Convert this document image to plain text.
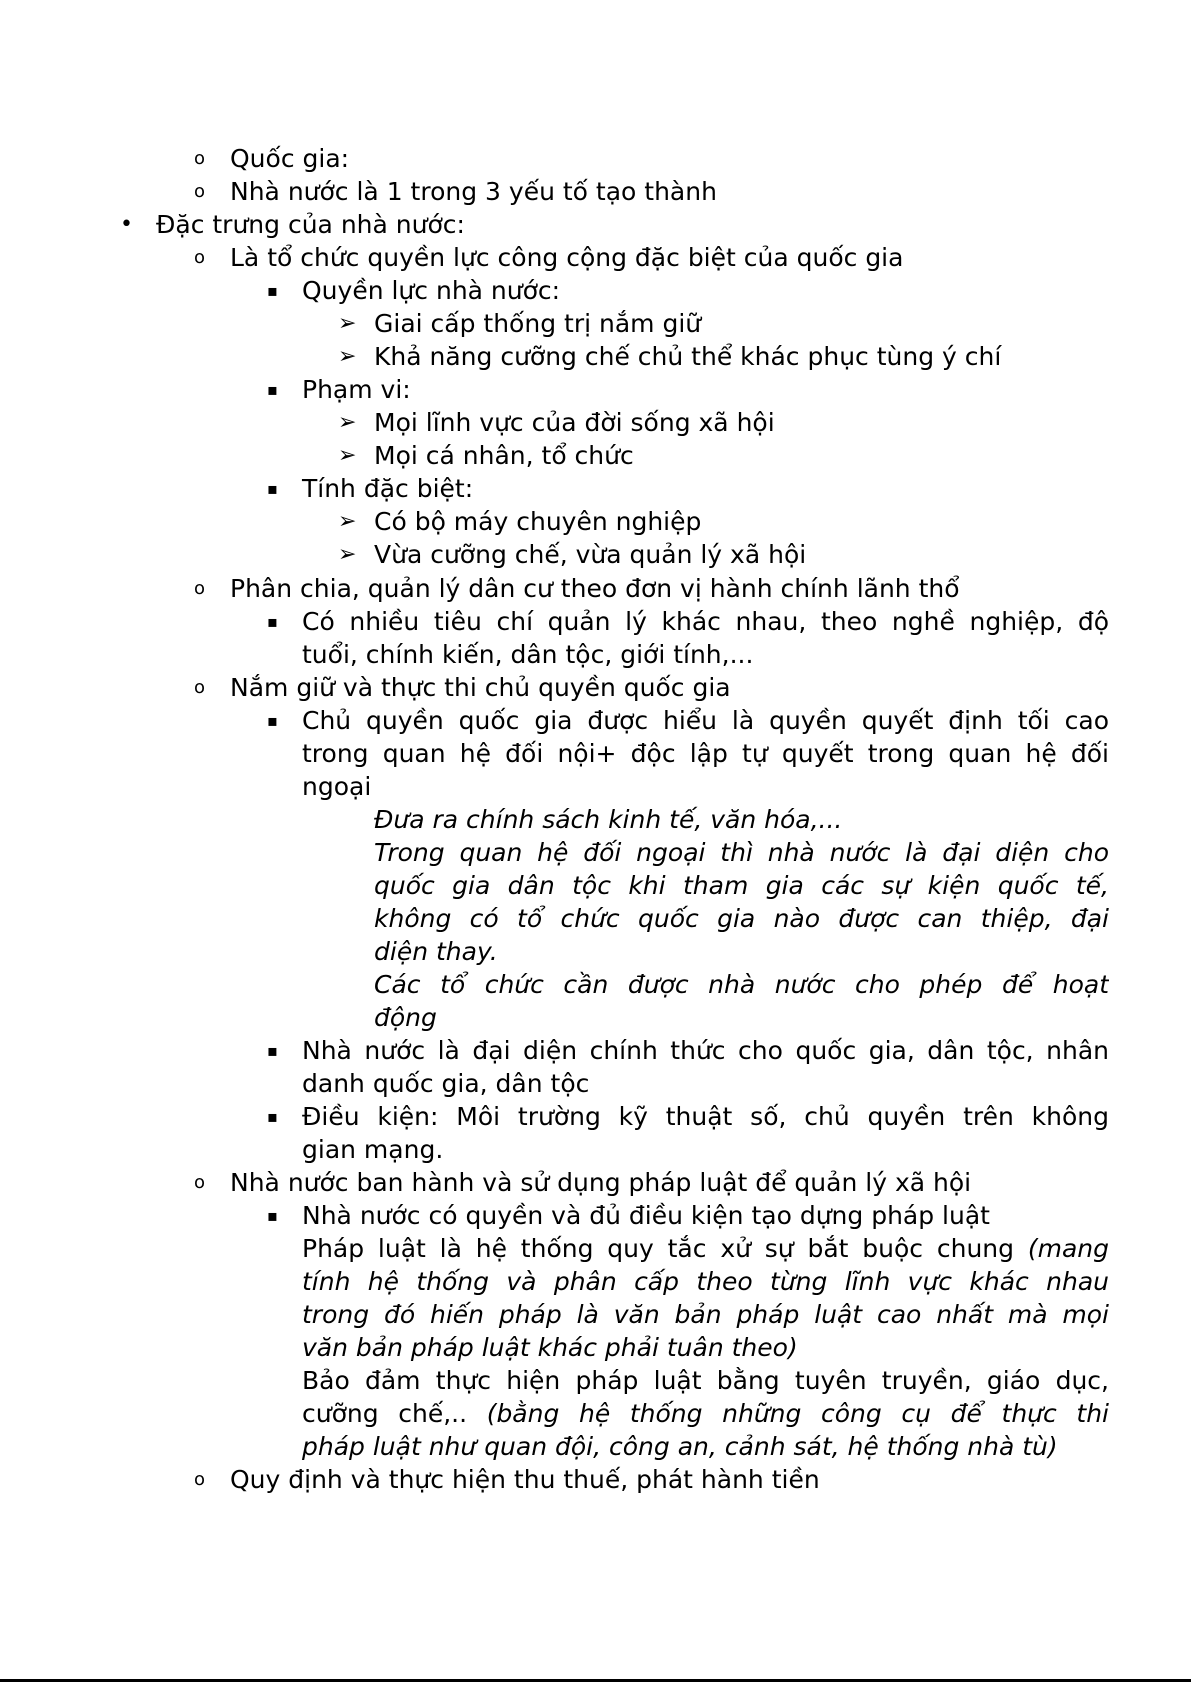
o Quốc gia:
o Nhà nước là 1 trong 3 yếu tố tạo thành
• Đặc trưng của nhà nước:
o Là tổ chức quyền lực công cộng đặc biệt của quốc gia
▪ Quyền lực nhà nước:
➢ Giai cấp thống trị nắm giữ
➢ Khả năng cưỡng chế chủ thể khác phục tùng ý chí
▪ Phạm vi:
➢ Mọi lĩnh vực của đời sống xã hội
➢ Mọi cá nhân, tổ chức
▪ Tính đặc biệt:
➢ Có bộ máy chuyên nghiệp
➢ Vừa cưỡng chế, vừa quản lý xã hội
o Phân chia, quản lý dân cư theo đơn vị hành chính lãnh thổ
▪ Có nhiều tiêu chí quản lý khác nhau, theo nghề nghiệp, độ
tuổi, chính kiến, dân tộc, giới tính,...
o Nắm giữ và thực thi chủ quyền quốc gia
▪ Chủ quyền quốc gia được hiểu là quyền quyết định tối cao
trong quan hệ đối nội+ độc lập tự quyết trong quan hệ đối
ngoại
Đưa ra chính sách kinh tế, văn hóa,...
Trong quan hệ đối ngoại thì nhà nước là đại diện cho
quốc gia dân tộc khi tham gia các sự kiện quốc tế,
không có tổ chức quốc gia nào được can thiệp, đại
diện thay.
Các tổ chức cần được nhà nước cho phép để hoạt
động
▪ Nhà nước là đại diện chính thức cho quốc gia, dân tộc, nhân
danh quốc gia, dân tộc
▪ Điều kiện: Môi trường kỹ thuật số, chủ quyền trên không
gian mạng.
o Nhà nước ban hành và sử dụng pháp luật để quản lý xã hội
▪ Nhà nước có quyền và đủ điều kiện tạo dựng pháp luật
Pháp luật là hệ thống quy tắc xử sự bắt buộc chung (mang
tính hệ thống và phân cấp theo từng lĩnh vực khác nhau
trong đó hiến pháp là văn bản pháp luật cao nhất mà mọi
văn bản pháp luật khác phải tuân theo)
Bảo đảm thực hiện pháp luật bằng tuyên truyền, giáo dục,
cưỡng chế,.. (bằng hệ thống những công cụ để thực thi
pháp luật như quan đội, công an, cảnh sát, hệ thống nhà tù)
o Quy định và thực hiện thu thuế, phát hành tiền
